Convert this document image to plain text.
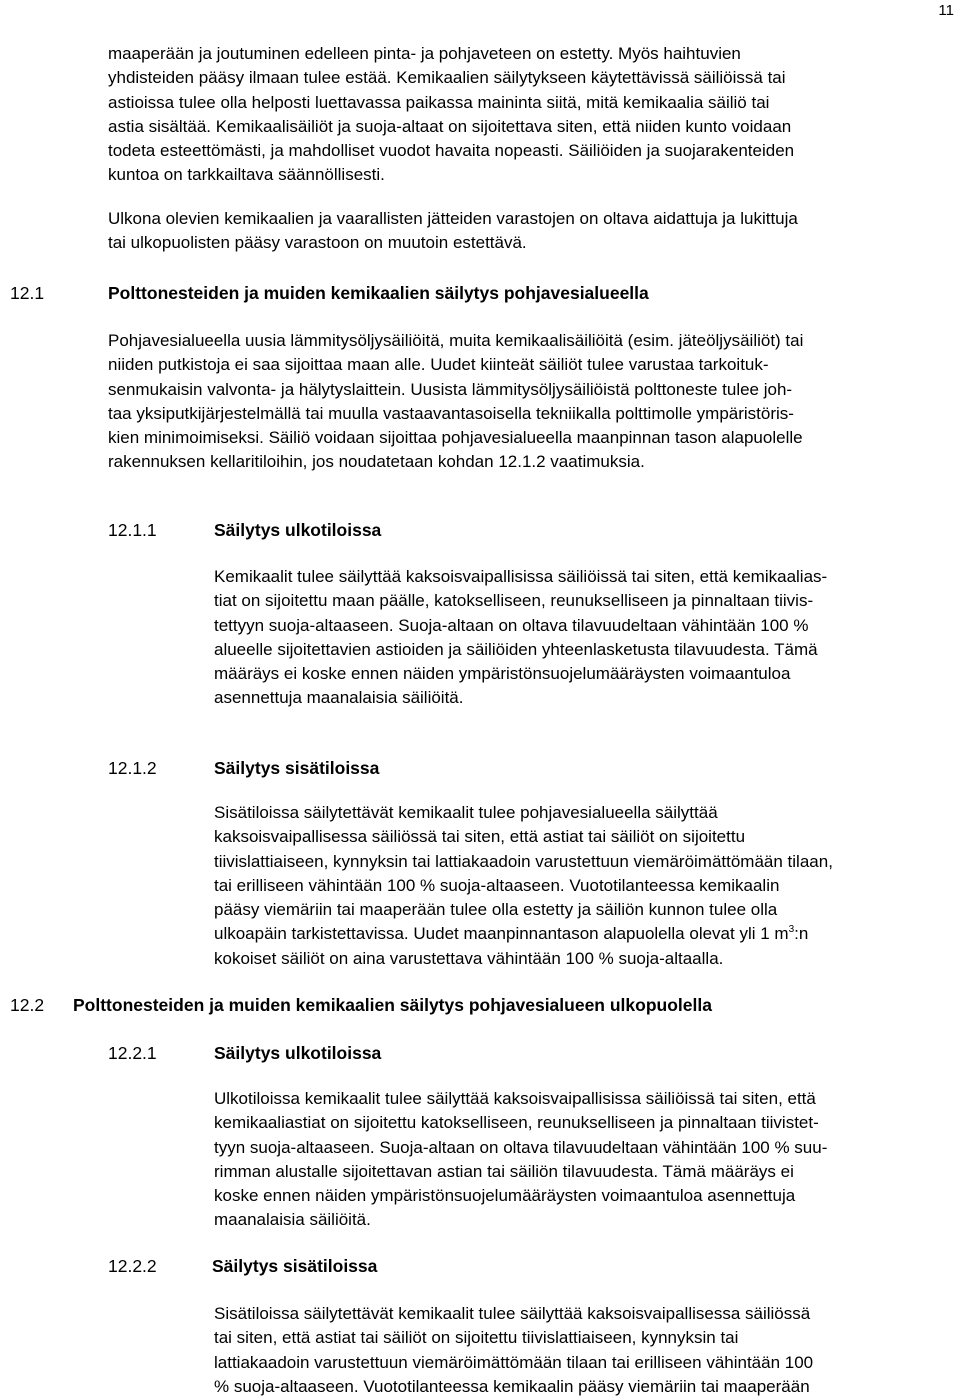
11
maaperään ja joutuminen edelleen pinta- ja pohjaveteen on estetty. Myös haihtuvien
yhdisteiden pääsy ilmaan tulee estää. Kemikaalien säilytykseen käytettävissä säiliöissä tai
astioissa tulee olla helposti luettavassa paikassa maininta siitä, mitä kemikaalia säiliö tai
astia sisältää. Kemikaalisäiliöt ja suoja-altaat on sijoitettava siten, että niiden kunto voidaan
todeta esteettömästi, ja mahdolliset vuodot havaita nopeasti. Säiliöiden ja suojarakenteiden
kuntoa on tarkkailtava säännöllisesti.
Ulkona olevien kemikaalien ja vaarallisten jätteiden varastojen on oltava aidattuja ja lukittuja
tai ulkopuolisten pääsy varastoon on muutoin estettävä.
12.1	Polttonesteiden ja muiden kemikaalien säilytys pohjavesialueella
Pohjavesialueella uusia lämmitysöljysäiliöitä, muita kemikaalisäiliöitä (esim. jäteöljysäiliöt) tai
niiden putkistoja ei saa sijoittaa maan alle. Uudet kiinteät säiliöt tulee varustaa tarkoituk-
senmukaisin valvonta- ja hälytyslaittein. Uusista lämmitysöljysäiliöistä polttoneste tulee joh-
taa yksiputkijärjestelmällä tai muulla vastaavantasoisella tekniikalla polttimolle ympäristöris-
kien minimoimiseksi. Säiliö voidaan sijoittaa pohjavesialueella maanpinnan tason alapuolelle
rakennuksen kellaritiloihin, jos noudatetaan kohdan 12.1.2 vaatimuksia.
12.1.1	Säilytys ulkotiloissa
Kemikaalit tulee säilyttää kaksoisvaipallisissa säiliöissä tai siten, että kemikaalias-
tiat on sijoitettu maan päälle, katokselliseen, reunukselliseen ja pinnaltaan tiivis-
tettyyn suoja-altaaseen. Suoja-altaan on oltava tilavuudeltaan vähintään 100 %
alueelle sijoitettavien astioiden ja säiliöiden yhteenlasketusta tilavuudesta. Tämä
määräys ei koske ennen näiden ympäristönsuojelumääräysten voimaantuloa
asennettuja maanalaisia säiliöitä.
12.1.2	Säilytys sisätiloissa
Sisätiloissa säilytettävät kemikaalit tulee pohjavesialueella säilyttää
kaksoisvaipallisessa säiliössä tai siten, että astiat tai säiliöt on sijoitettu
tiivislattiaiseen, kynnyksin tai lattiakaadoin varustettuun viemäröimättömään tilaan,
tai erilliseen vähintään 100 % suoja-altaaseen. Vuototilanteessa kemikaalin
pääsy viemäriin tai maaperään tulee olla estetty ja säiliön kunnon tulee olla
ulkoapäin tarkistettavissa. Uudet maanpinnantason alapuolella olevat yli 1 $m^3:n$
kokoiset säiliöt on aina varustettava vähintään 100 % suoja-altaalla.
12.2 Polttonesteiden ja muiden kemikaalien säilytys pohjavesialueen ulkopuolella
12.2.1	Säilytys ulkotiloissa
Ulkotiloissa kemikaalit tulee säilyttää kaksoisvaipallisissa säiliöissä tai siten, että
kemikaaliastiat on sijoitettu katokselliseen, reunukselliseen ja pinnaltaan tiivistet-
tyyn suoja-altaaseen. Suoja-altaan on oltava tilavuudeltaan vähintään 100 % suu-
rimman alustalle sijoitettavan astian tai säiliön tilavuudesta. Tämä määräys ei
koske ennen näiden ympäristönsuojelumääräysten voimaantuloa asennettuja
maanalaisia säiliöitä.
12.2.2	Säilytys sisätiloissa
Sisätiloissa säilytettävät kemikaalit tulee säilyttää kaksoisvaipallisessa säiliössä
tai siten, että astiat tai säiliöt on sijoitettu tiivislattiaiseen, kynnyksin tai
lattiakaadoin varustettuun viemäröimättömään tilaan tai erilliseen vähintään 100
% suoja-altaaseen. Vuototilanteessa kemikaalin pääsy viemäriin tai maaperään
